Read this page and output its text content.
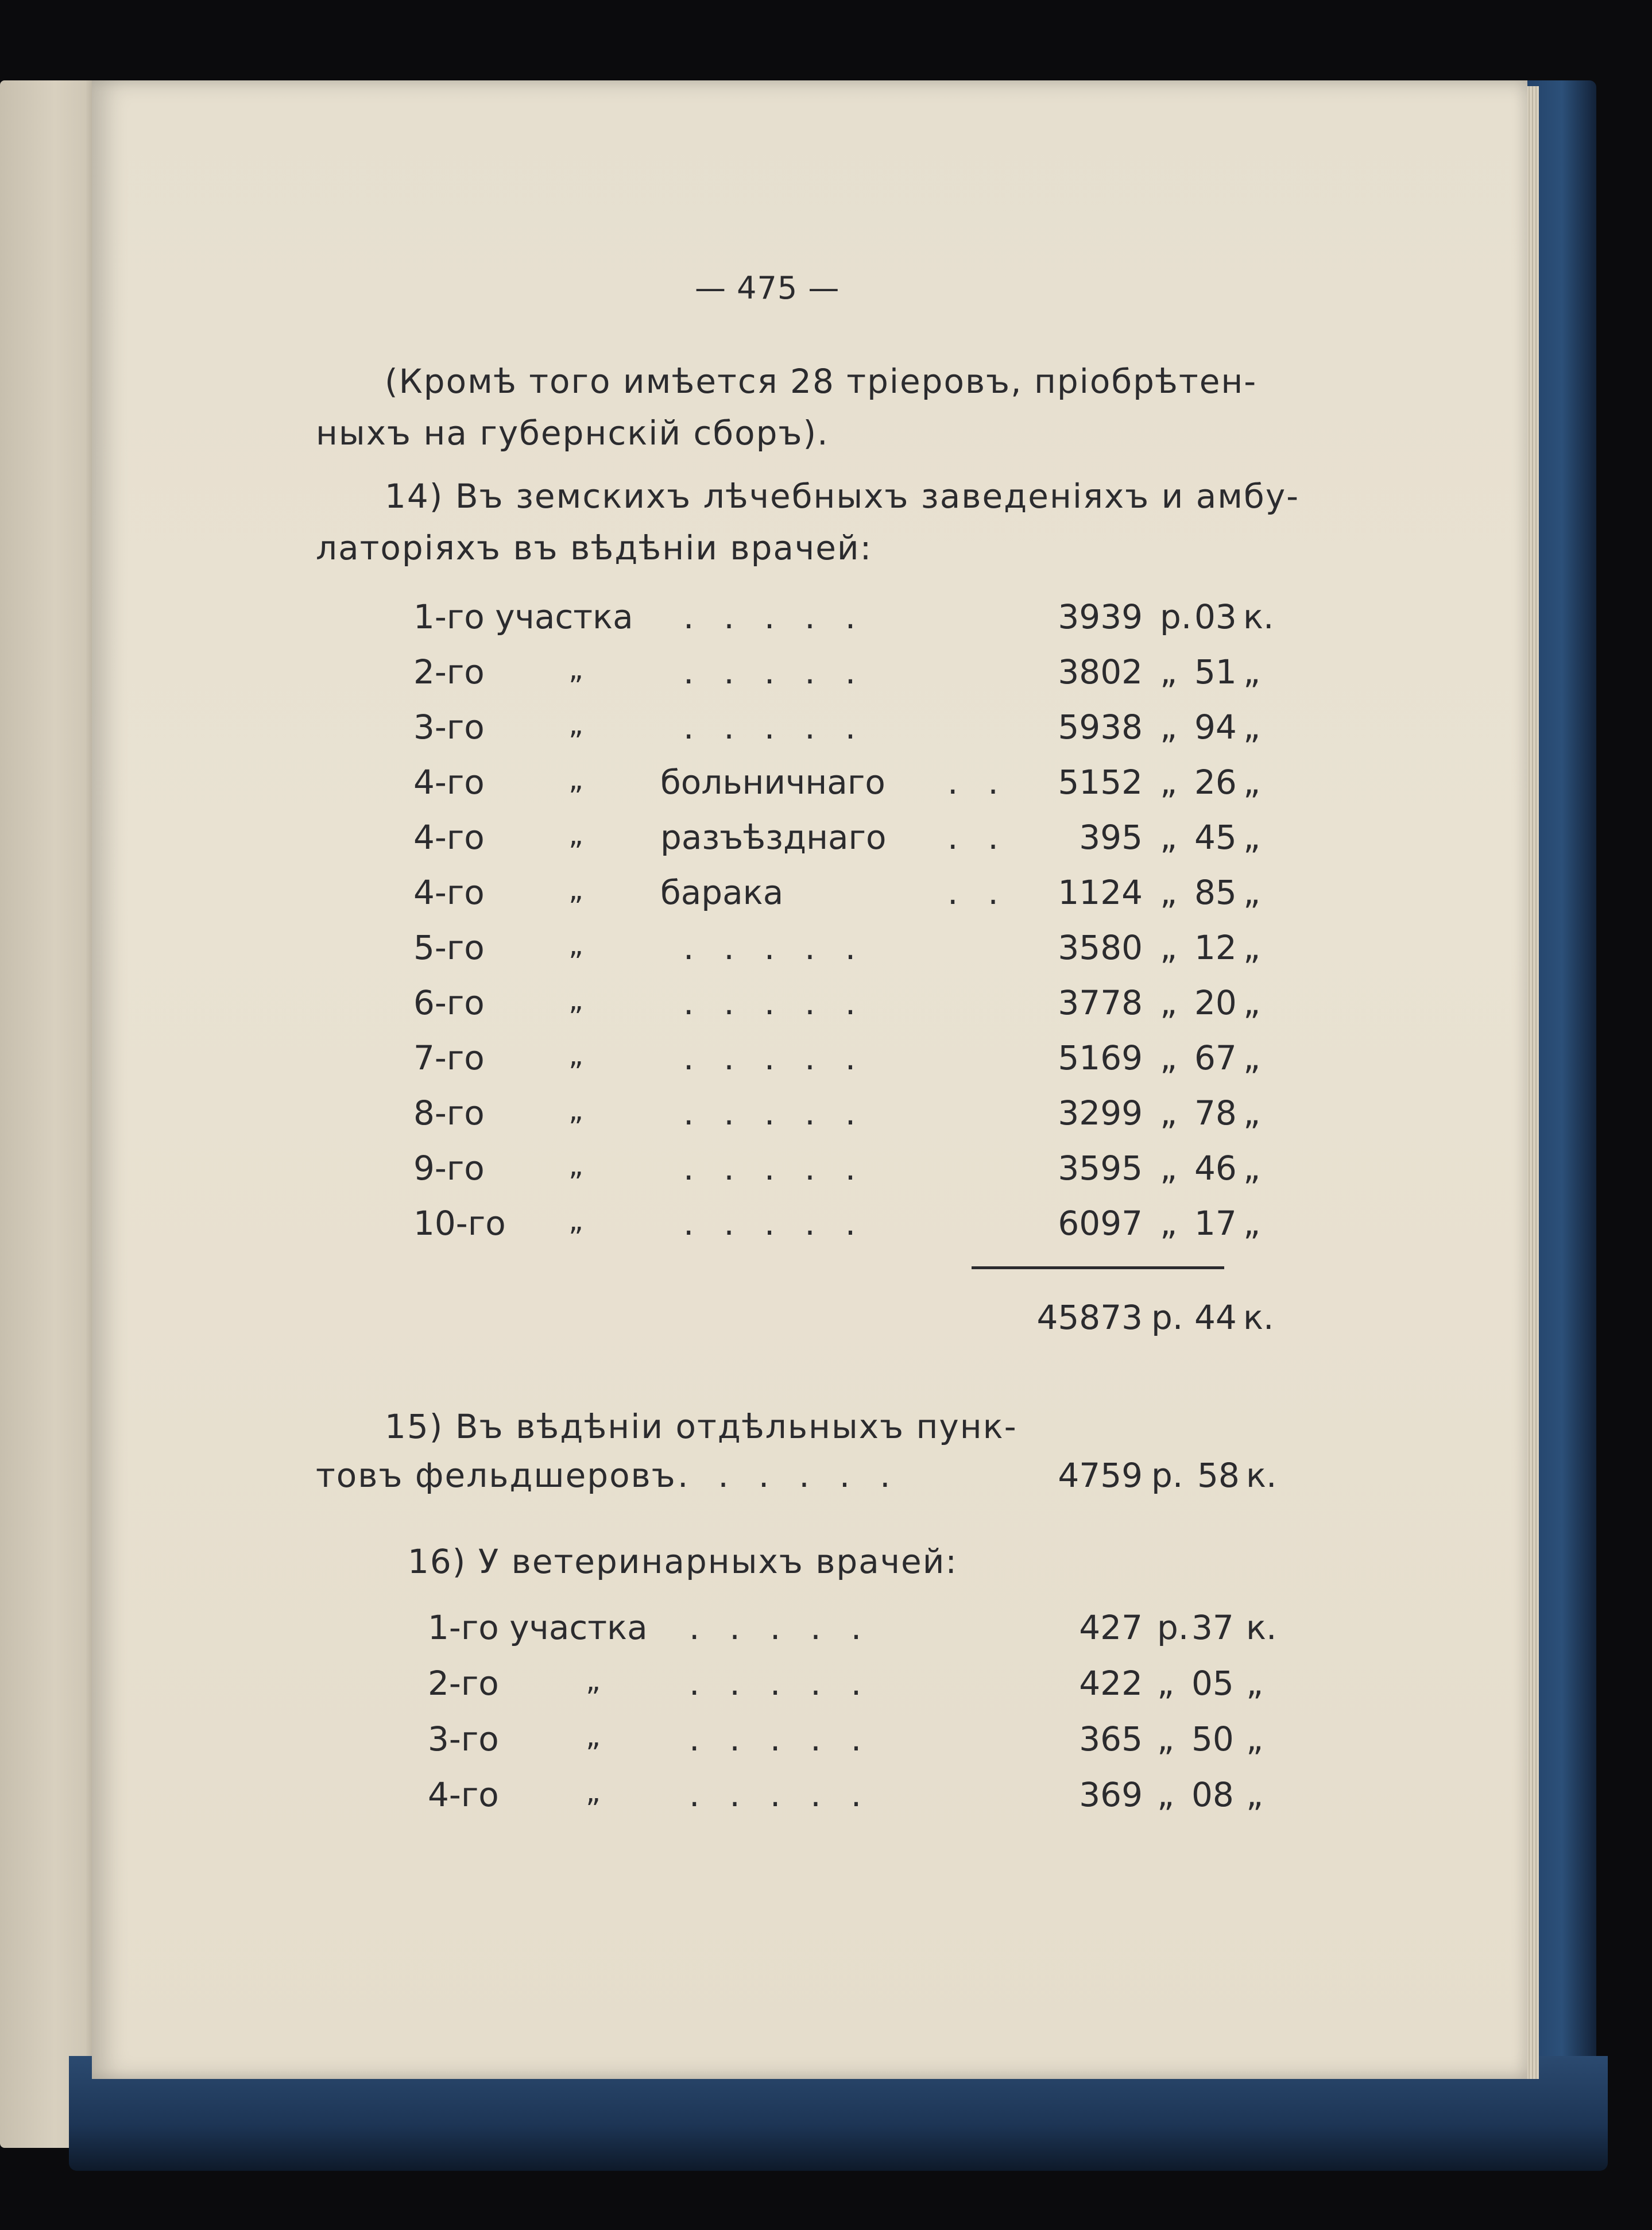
— 475 —
(Кромѣ того имѣется 28 тріеровъ, пріобрѣтен-
ныхъ на губернскій сборъ).
14) Въ земскихъ лѣчебныхъ заведеніяхъ и амбу-
латоріяхъ въ вѣдѣніи врачей:
1-го участка	3939 р. 03 к.
.....
2-го	„	3802 „ 51 „
.....
3-го	„	5938 „ 94 „
.....
4-го	„ больничнаго	5152 „ 26 „
..
4-го	„ разъѣзднаго	395 „ 45 „
..
4-го	„ барака	1124 „ 85 „
..
5-го	„	3580 „ 12 „
.....
6-го	„	3778 „ 20 „
.....
7-го	„	5169 „ 67 „
.....
8-го	„	3299 „ 78 „
.....
9-го	„	3595 „ 46 „
.....
10-го „	6097 „ 17 „
.....
45873 р. 44 к.
15) Въ вѣдѣніи отдѣльныхъ пунк-
товъ фельдшеровъ ......	4759 р. 58 к.
16) У ветеринарныхъ врачей:
1-го участка	427 р. 37 к.
.....
2-го	„	422 „ 05 „
.....
3-го	„	365 „ 50 „
.....
4-го	„	369 „ 08 „
.....
